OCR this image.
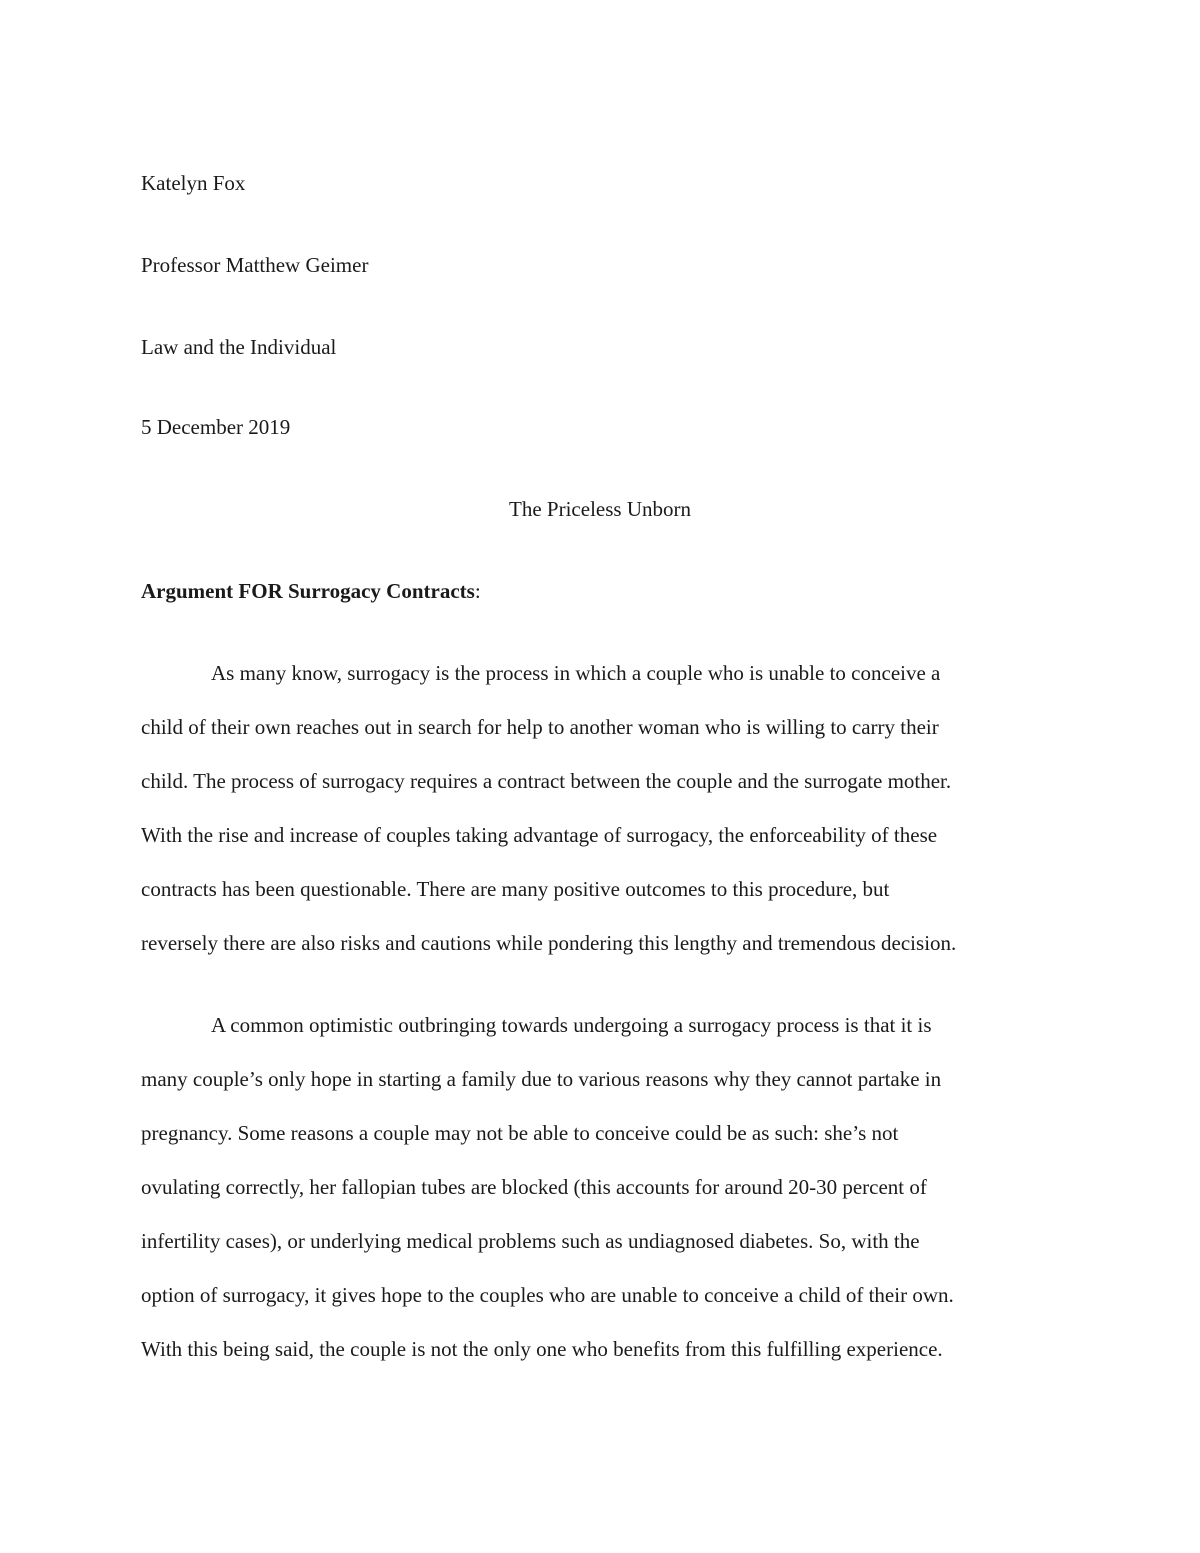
Katelyn Fox
Professor Matthew Geimer
Law and the Individual
5 December 2019
The Priceless Unborn
Argument FOR Surrogacy Contracts:
As many know, surrogacy is the process in which a couple who is unable to conceive a
child of their own reaches out in search for help to another woman who is willing to carry their
child. The process of surrogacy requires a contract between the couple and the surrogate mother.
With the rise and increase of couples taking advantage of surrogacy, the enforceability of these
contracts has been questionable. There are many positive outcomes to this procedure, but
reversely there are also risks and cautions while pondering this lengthy and tremendous decision.
A common optimistic outbringing towards undergoing a surrogacy process is that it is
many couple’s only hope in starting a family due to various reasons why they cannot partake in
pregnancy. Some reasons a couple may not be able to conceive could be as such: she’s not
ovulating correctly, her fallopian tubes are blocked (this accounts for around 20-30 percent of
infertility cases), or underlying medical problems such as undiagnosed diabetes. So, with the
option of surrogacy, it gives hope to the couples who are unable to conceive a child of their own.
With this being said, the couple is not the only one who benefits from this fulfilling experience.
